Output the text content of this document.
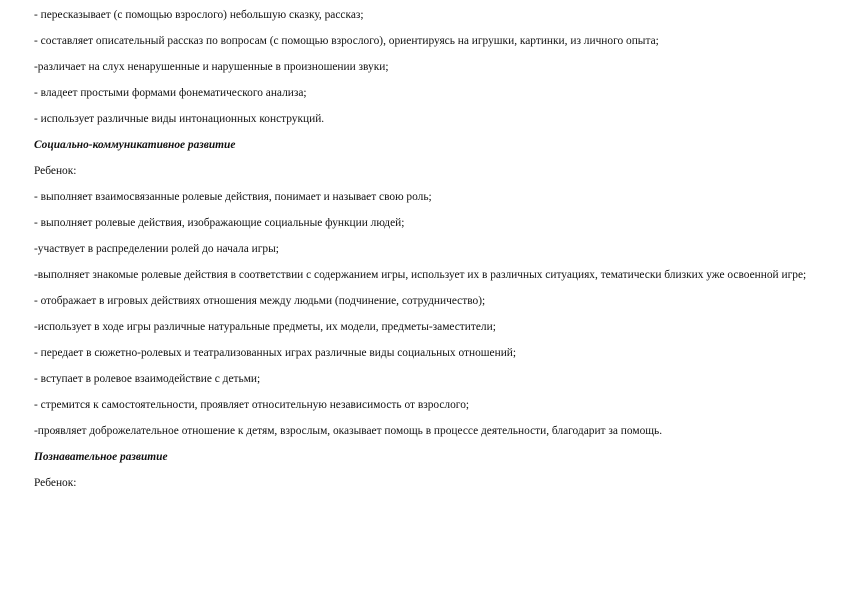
- пересказывает (с помощью взрослого) небольшую сказку, рассказ;
- составляет описательный рассказ по вопросам (с помощью взрослого), ориентируясь на игрушки, картинки, из личного опыта;
-различает на слух ненарушенные и нарушенные в произношении звуки;
- владеет простыми формами фонематического анализа;
- использует различные виды интонационных конструкций.
Социально-коммуникативное развитие
Ребенок:
- выполняет взаимосвязанные ролевые действия, понимает и называет свою роль;
- выполняет ролевые действия, изображающие социальные функции людей;
-участвует в распределении ролей до начала игры;
-выполняет знакомые ролевые действия в соответствии с содержанием игры, использует их в различных ситуациях, тематически близких уже освоенной игре;
- отображает в игровых действиях отношения между людьми (подчинение, сотрудничество);
-использует в ходе игры различные натуральные предметы, их модели, предметы-заместители;
- передает в сюжетно-ролевых и театрализованных играх различные виды социальных отношений;
- вступает в ролевое взаимодействие с детьми;
- стремится к самостоятельности, проявляет относительную независимость от взрослого;
-проявляет доброжелательное отношение к детям, взрослым, оказывает помощь в процессе деятельности, благодарит за помощь.
Познавательное развитие
Ребенок:
